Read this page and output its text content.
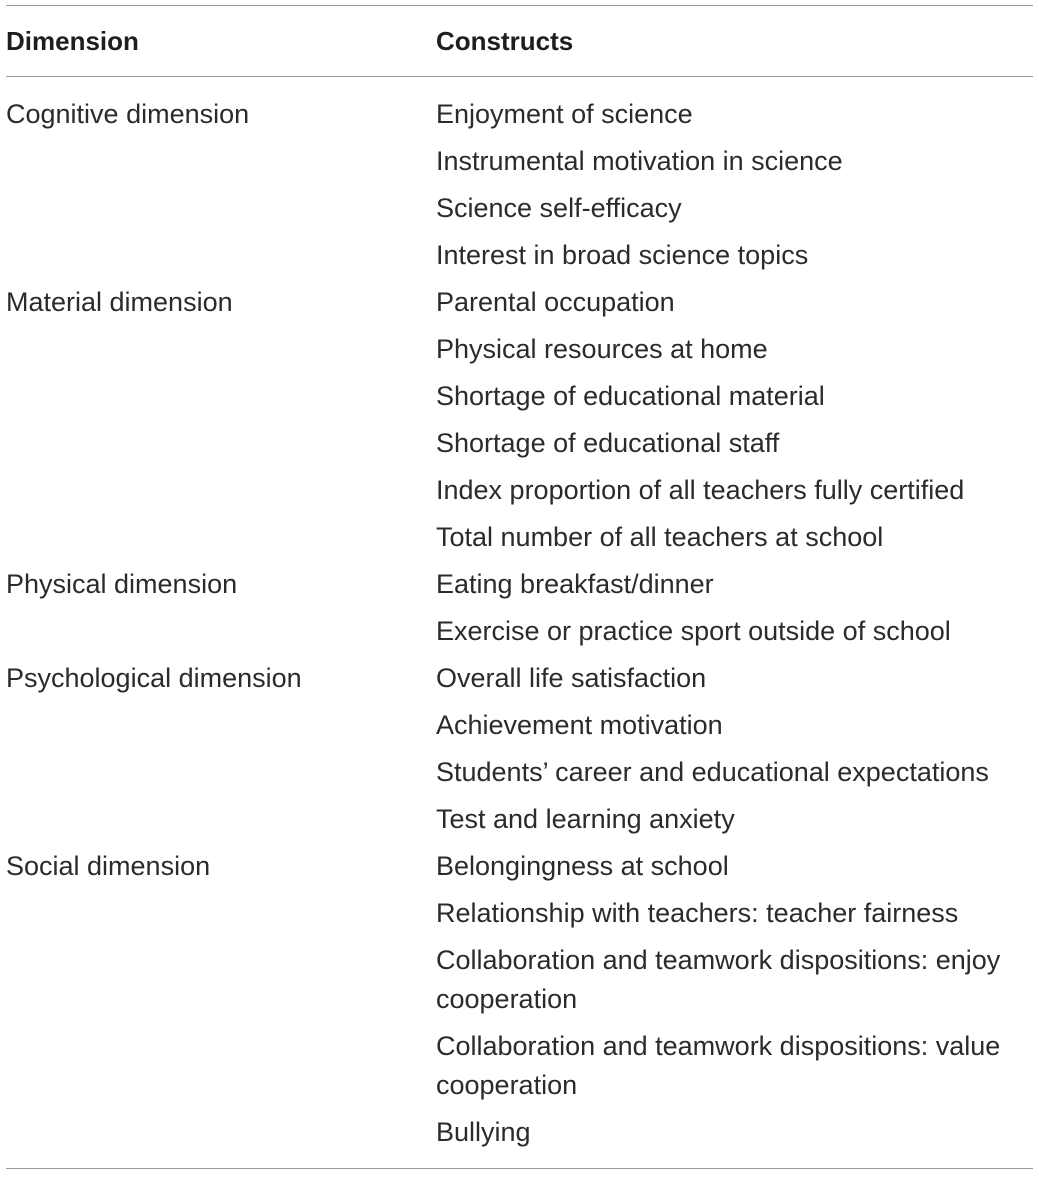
Dimension	Constructs
Cognitive dimension	Enjoyment of science
Instrumental motivation in science
Science self-efficacy
Interest in broad science topics
Material dimension	Parental occupation
Physical resources at home
Shortage of educational material
Shortage of educational staff
Index proportion of all teachers fully certified
Total number of all teachers at school
Physical dimension	Eating breakfast/dinner
Exercise or practice sport outside of school
Psychological dimension	Overall life satisfaction
Achievement motivation
Students’ career and educational expectations
Test and learning anxiety
Social dimension	Belongingness at school
Relationship with teachers: teacher fairness
Collaboration and teamwork dispositions: enjoy cooperation
Collaboration and teamwork dispositions: value cooperation
Bullying
